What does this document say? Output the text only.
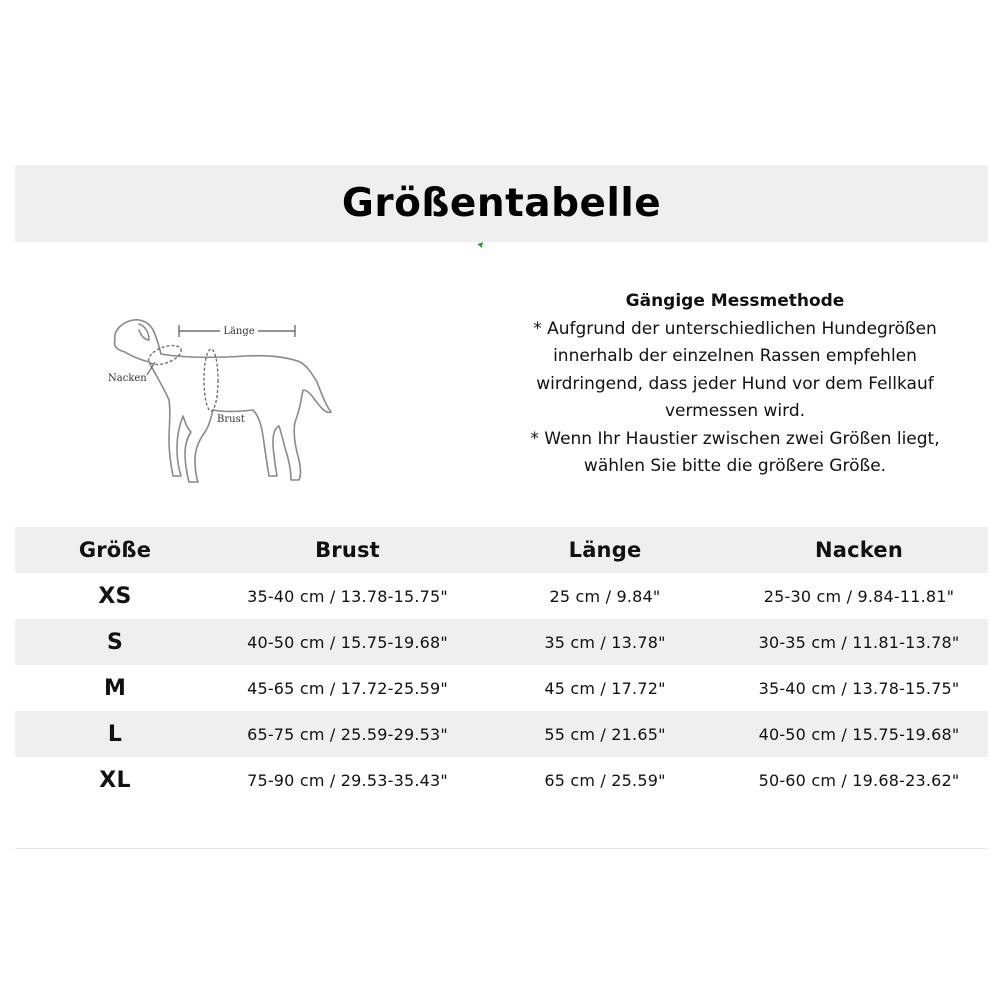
Größentabelle
Länge
Nacken
Brust

Gängige Messmethode

* Aufgrund der unterschiedlichen Hundegrößen

innerhalb der einzelnen Rassen empfehlen

wirdringend, dass jeder Hund vor dem Fellkauf

vermessen wird.

* Wenn Ihr Haustier zwischen zwei Größen liegt,

wählen Sie bitte die größere Größe.

Größe	Brust	Länge	Nacken
XS	35-40 cm / 13.78-15.75"	25 cm / 9.84"	25-30 cm / 9.84-11.81"
S	40-50 cm / 15.75-19.68"	35 cm / 13.78"	30-35 cm / 11.81-13.78"
M	45-65 cm / 17.72-25.59"	45 cm / 17.72"	35-40 cm / 13.78-15.75"
L	65-75 cm / 25.59-29.53"	55 cm / 21.65"	40-50 cm / 15.75-19.68"
XL	75-90 cm / 29.53-35.43"	65 cm / 25.59"	50-60 cm / 19.68-23.62"
